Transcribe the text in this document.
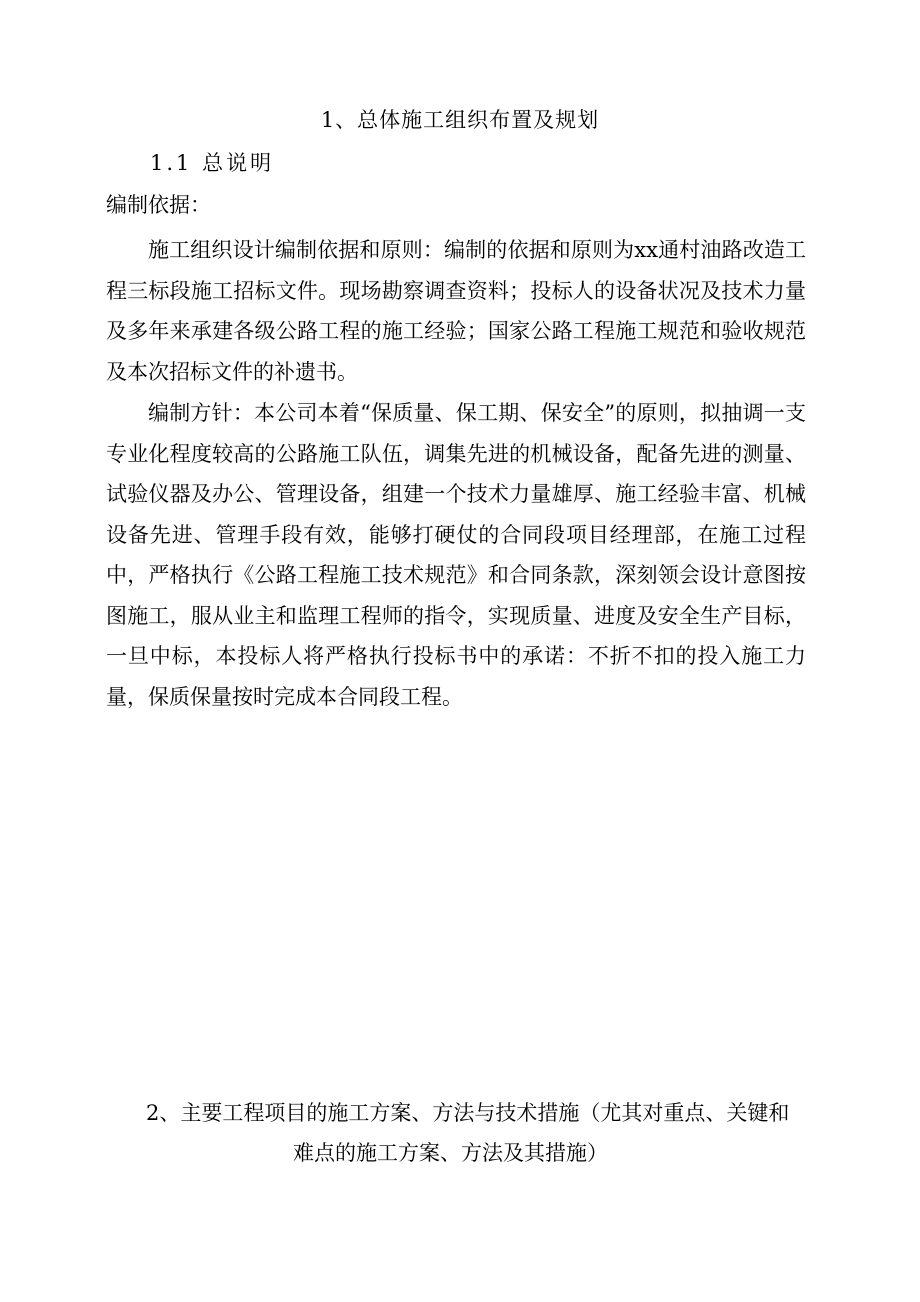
1、总体施工组织布置及规划
1.1 总说明

编制依据：

施工组织设计编制依据和原则：编制的依据和原则为xx通村油路改造工程三标段施工招标文件。现场勘察调查资料；投标人的设备状况及技术力量及多年来承建各级公路工程的施工经验；国家公路工程施工规范和验收规范及本次招标文件的补遗书。

编制方针：本公司本着“保质量、保工期、保安全”的原则，拟抽调一支专业化程度较高的公路施工队伍，调集先进的机械设备，配备先进的测量、试验仪器及办公、管理设备，组建一个技术力量雄厚、施工经验丰富、机械设备先进、管理手段有效，能够打硬仗的合同段项目经理部，在施工过程中，严格执行《公路工程施工技术规范》和合同条款，深刻领会设计意图按图施工，服从业主和监理工程师的指令，实现质量、进度及安全生产目标，一旦中标，本投标人将严格执行投标书中的承诺：不折不扣的投入施工力量，保质保量按时完成本合同段工程。

2、主要工程项目的施工方案、方法与技术措施（尤其对重点、关键和
难点的施工方案、方法及其措施）
